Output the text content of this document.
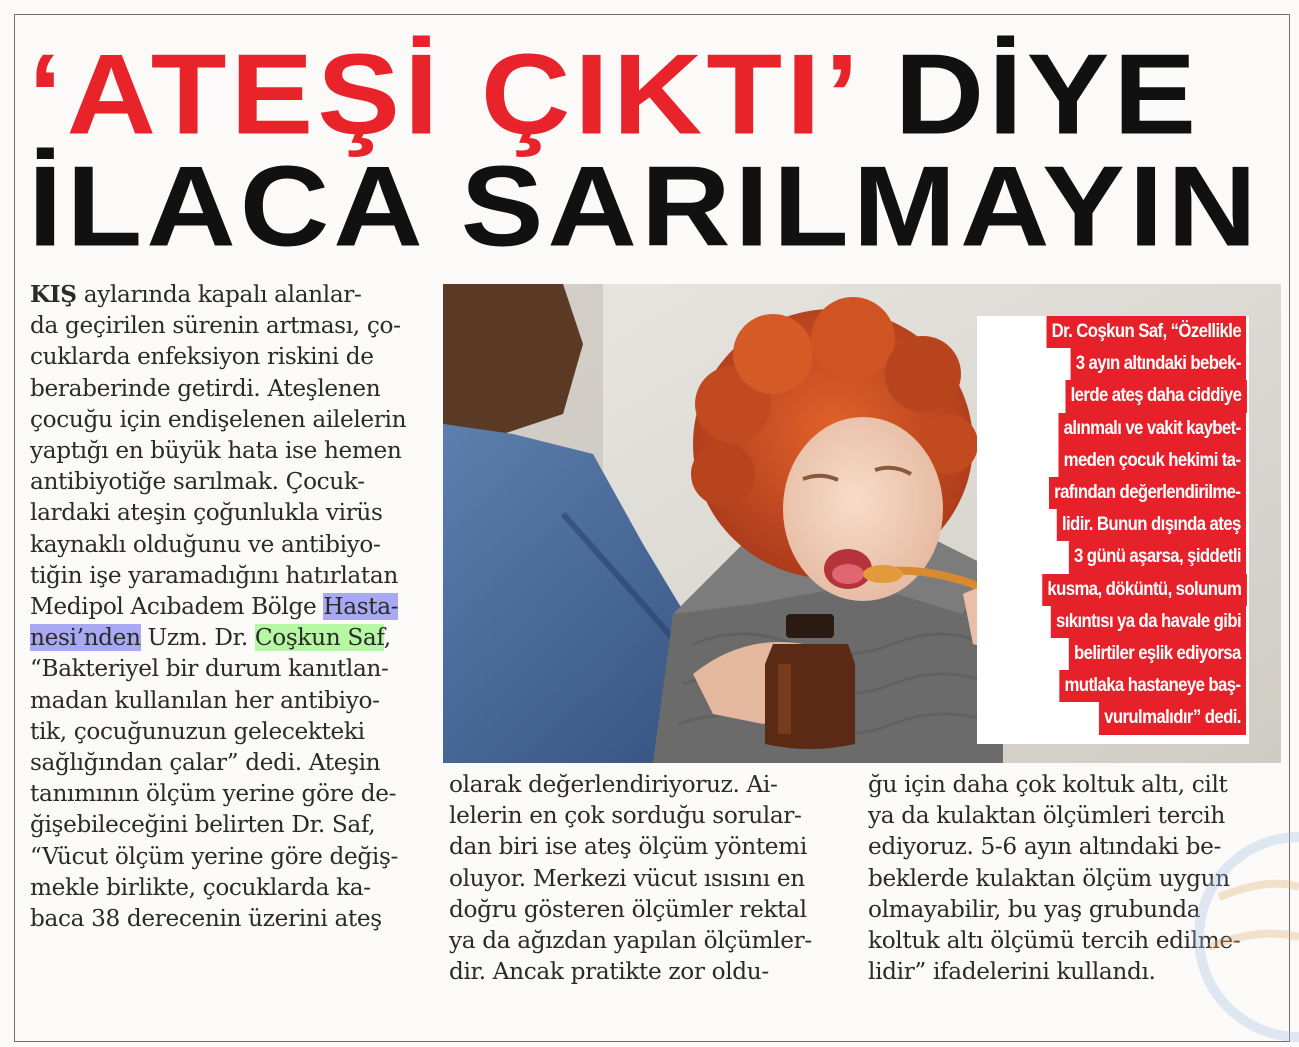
‘ATEŞİ ÇIKTI’ DİYE
İLACA SARILMAYIN
KIŞ aylarında kapalı alanlar-
da geçirilen sürenin artması, ço-
cuklarda enfeksiyon riskini de
beraberinde getirdi. Ateşlenen
çocuğu için endişelenen ailelerin
yaptığı en büyük hata ise hemen
antibiyotiğe sarılmak. Çocuk-
lardaki ateşin çoğunlukla virüs
kaynaklı olduğunu ve antibiyo-
tiğin işe yaramadığını hatırlatan
Medipol Acıbadem Bölge Hasta-
nesi’nden Uzm. Dr. Coşkun Saf,
“Bakteriyel bir durum kanıtlan-
madan kullanılan her antibiyo-
tik, çocuğunuzun gelecekteki
sağlığından çalar” dedi. Ateşin
tanımının ölçüm yerine göre de-
ğişebileceğini belirten Dr. Saf,
“Vücut ölçüm yerine göre değiş-
mekle birlikte, çocuklarda ka-
baca 38 derecenin üzerini ateş
Dr. Coşkun Saf, “Özellikle
3 ayın altındaki bebek-
lerde ateş daha ciddiye
alınmalı ve vakit kaybet-
meden çocuk hekimi ta-
rafından değerlendirilme-
lidir. Bunun dışında ateş
3 günü aşarsa, şiddetli
kusma, döküntü, solunum
sıkıntısı ya da havale gibi
belirtiler eşlik ediyorsa
mutlaka hastaneye baş-
vurulmalıdır” dedi.
olarak değerlendiriyoruz. Ai-
lelerin en çok sorduğu sorular-
dan biri ise ateş ölçüm yöntemi
oluyor. Merkezi vücut ısısını en
doğru gösteren ölçümler rektal
ya da ağızdan yapılan ölçümler-
dir. Ancak pratikte zor oldu-
ğu için daha çok koltuk altı, cilt
ya da kulaktan ölçümleri tercih
ediyoruz. 5-6 ayın altındaki be-
beklerde kulaktan ölçüm uygun
olmayabilir, bu yaş grubunda
koltuk altı ölçümü tercih edilme-
lidir” ifadelerini kullandı.
